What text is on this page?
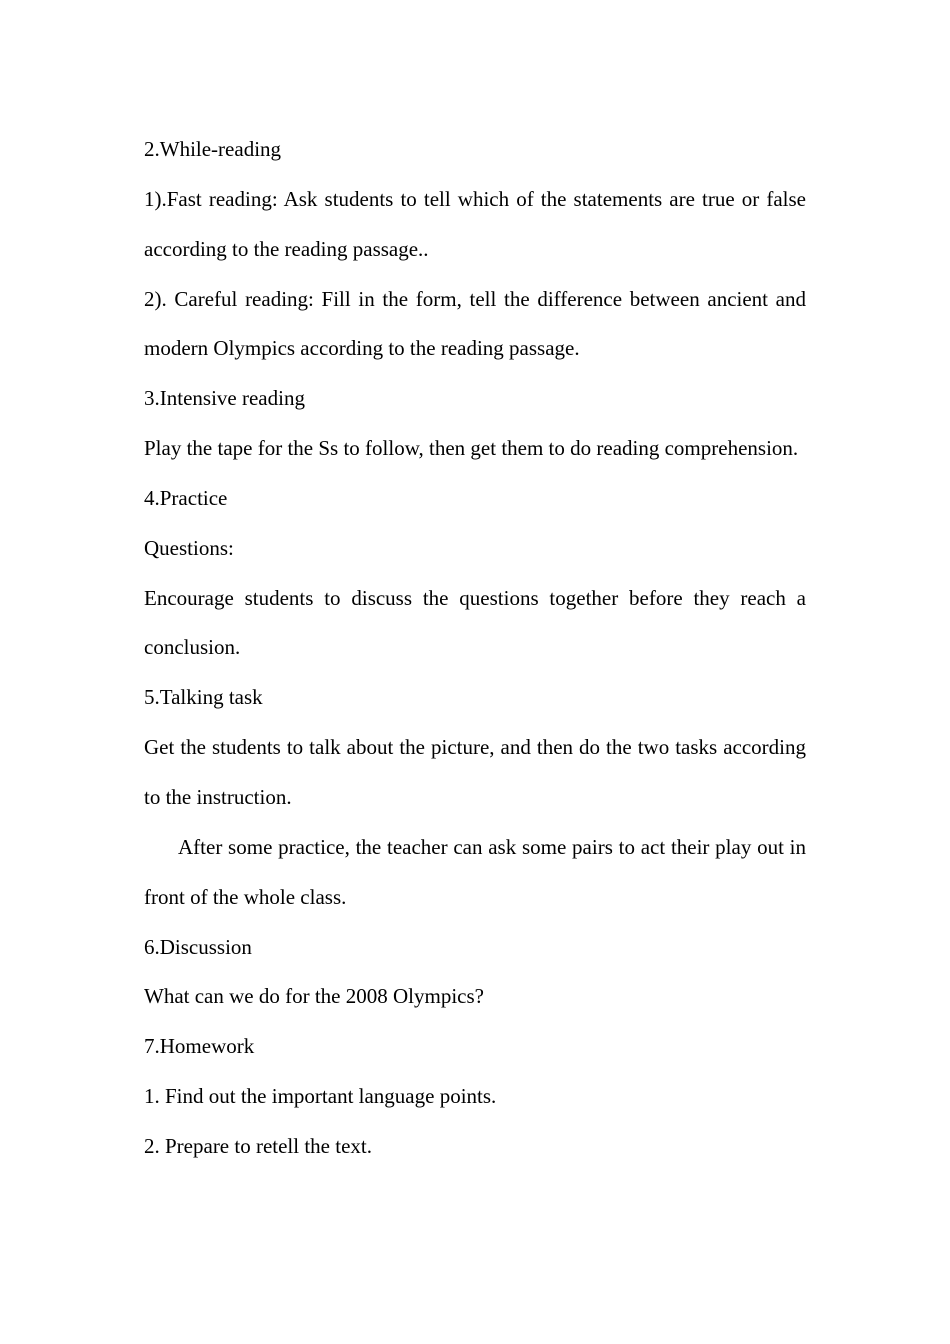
2.While-reading

1).Fast reading: Ask students to tell which of the statements are true or false according to the reading passage..

2). Careful reading: Fill in the form, tell the difference between ancient and modern Olympics according to the reading passage.

3.Intensive reading

Play the tape for the Ss to follow, then get them to do reading comprehension.

4.Practice

Questions:

Encourage students to discuss the questions together before they reach a conclusion.

5.Talking task

Get the students to talk about the picture, and then do the two tasks according to the instruction.

After some practice, the teacher can ask some pairs to act their play out in front of the whole class.

6.Discussion

What can we do for the 2008 Olympics?

7.Homework

1. Find out the important language points.

2. Prepare to retell the text.
